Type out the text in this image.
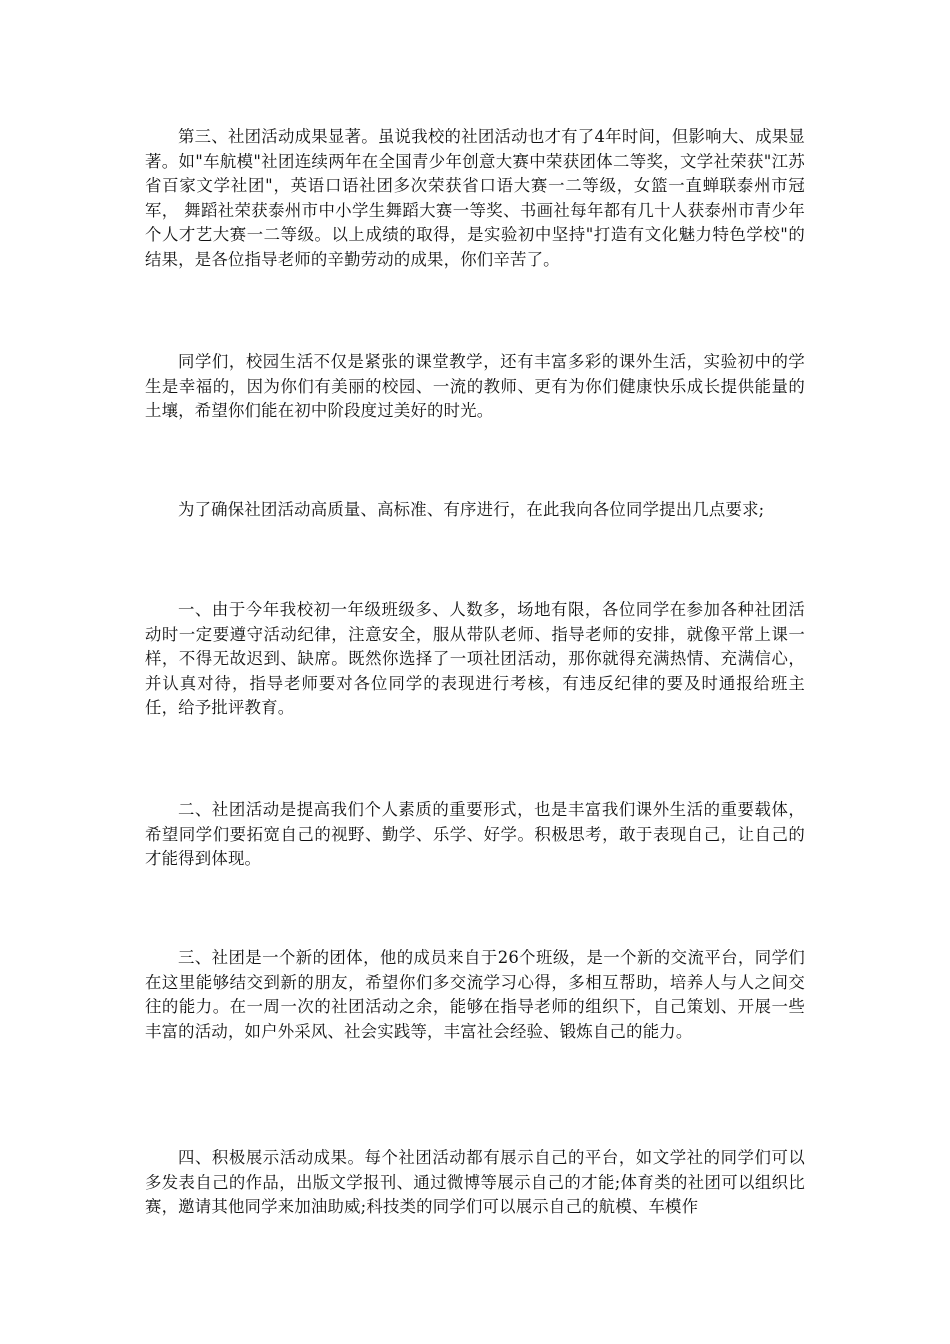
第三、社团活动成果显著。虽说我校的社团活动也才有了4年时间，但影响大、成果显著。如"车航模"社团连续两年在全国青少年创意大赛中荣获团体二等奖，文学社荣获"江苏省百家文学社团"，英语口语社团多次荣获省口语大赛一二等级，女篮一直蝉联泰州市冠军， 舞蹈社荣获泰州市中小学生舞蹈大赛一等奖、书画社每年都有几十人获泰州市青少年个人才艺大赛一二等级。以上成绩的取得，是实验初中坚持"打造有文化魅力特色学校"的结果，是各位指导老师的辛勤劳动的成果，你们辛苦了。

同学们，校园生活不仅是紧张的课堂教学，还有丰富多彩的课外生活，实验初中的学生是幸福的，因为你们有美丽的校园、一流的教师、更有为你们健康快乐成长提供能量的土壤，希望你们能在初中阶段度过美好的时光。

为了确保社团活动高质量、高标准、有序进行，在此我向各位同学提出几点要求;

一、由于今年我校初一年级班级多、人数多，场地有限，各位同学在参加各种社团活动时一定要遵守活动纪律，注意安全，服从带队老师、指导老师的安排，就像平常上课一样，不得无故迟到、缺席。既然你选择了一项社团活动，那你就得充满热情、充满信心，并认真对待，指导老师要对各位同学的表现进行考核，有违反纪律的要及时通报给班主任，给予批评教育。

二、社团活动是提高我们个人素质的重要形式，也是丰富我们课外生活的重要载体，希望同学们要拓宽自己的视野、勤学、乐学、好学。积极思考，敢于表现自己，让自己的才能得到体现。

三、社团是一个新的团体，他的成员来自于26个班级，是一个新的交流平台，同学们在这里能够结交到新的朋友，希望你们多交流学习心得，多相互帮助，培养人与人之间交往的能力。在一周一次的社团活动之余，能够在指导老师的组织下，自己策划、开展一些丰富的活动，如户外采风、社会实践等，丰富社会经验、锻炼自己的能力。

四、积极展示活动成果。每个社团活动都有展示自己的平台，如文学社的同学们可以多发表自己的作品，出版文学报刊、通过微博等展示自己的才能;体育类的社团可以组织比赛，邀请其他同学来加油助威;科技类的同学们可以展示自己的航模、车模作
